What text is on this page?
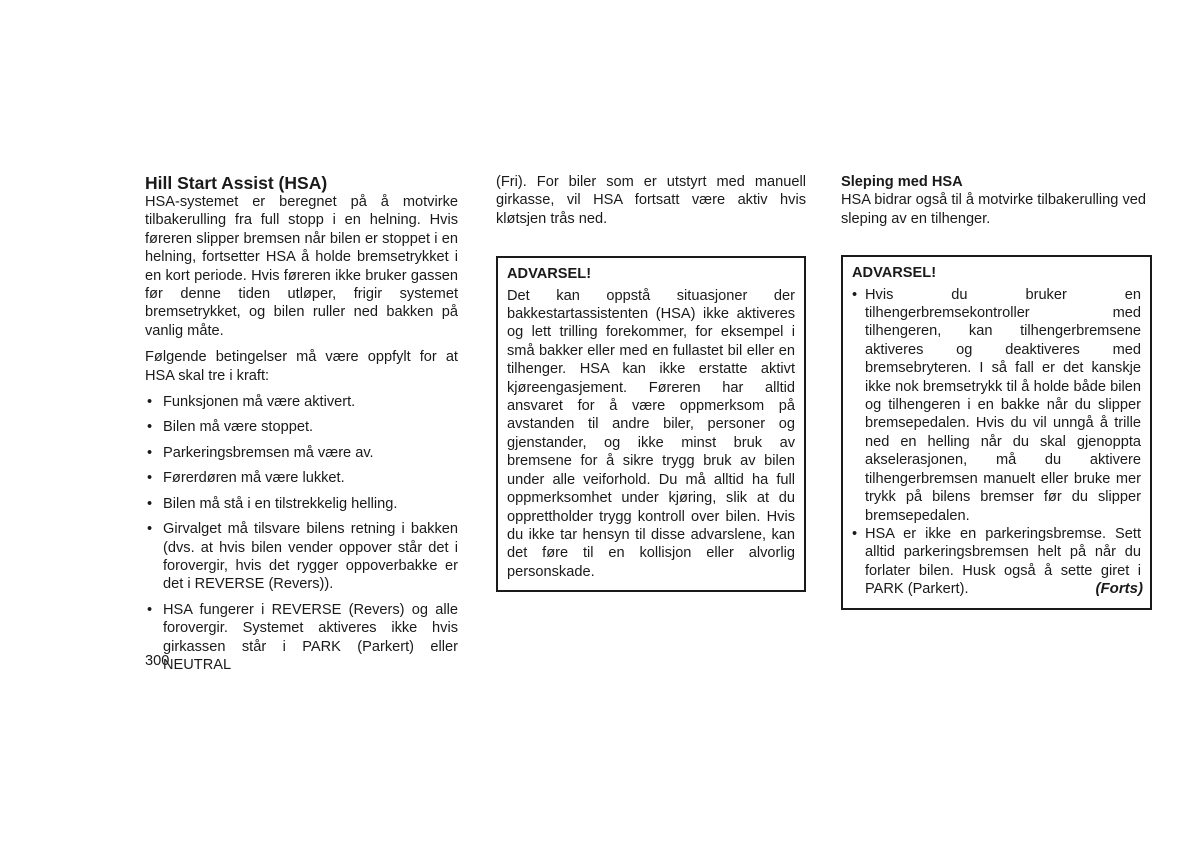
Hill Start Assist (HSA)

HSA-systemet er beregnet på å motvirke tilbakerulling fra full stopp i en helning. Hvis føreren slipper bremsen når bilen er stoppet i en helning, fortsetter HSA å holde bremsetrykket i en kort periode. Hvis føreren ikke bruker gassen før denne tiden utløper, frigir systemet bremsetrykket, og bilen ruller ned bakken på vanlig måte.

Følgende betingelser må være oppfylt for at HSA skal tre i kraft:

• Funksjonen må være aktivert.
• Bilen må være stoppet.
• Parkeringsbremsen må være av.
• Førerdøren må være lukket.
• Bilen må stå i en tilstrekkelig helling.
• Girvalget må tilsvare bilens retning i bakken (dvs. at hvis bilen vender oppover står det i forovergir, hvis det rygger oppoverbakke er det i REVERSE (Revers)).
• HSA fungerer i REVERSE (Revers) og alle forovergir. Systemet aktiveres ikke hvis girkassen står i PARK (Parkert) eller NEUTRAL

(Fri). For biler som er utstyrt med manuell girkasse, vil HSA fortsatt være aktiv hvis kløtsjen trås ned.

ADVARSEL!

Det kan oppstå situasjoner der bakkestartassistenten (HSA) ikke aktiveres og lett trilling forekommer, for eksempel i små bakker eller med en fullastet bil eller en tilhenger. HSA kan ikke erstatte aktivt kjøreengasjement. Føreren har alltid ansvaret for å være oppmerksom på avstanden til andre biler, personer og gjenstander, og ikke minst bruk av bremsene for å sikre trygg bruk av bilen under alle veiforhold. Du må alltid ha full oppmerksomhet under kjøring, slik at du opprettholder trygg kontroll over bilen. Hvis du ikke tar hensyn til disse advarslene, kan det føre til en kollisjon eller alvorlig personskade.

Sleping med HSA

HSA bidrar også til å motvirke tilbakerulling ved sleping av en tilhenger.

ADVARSEL!
• Hvis du bruker en tilhengerbremsekontroller med tilhengeren, kan tilhengerbremsene aktiveres og deaktiveres med bremsebryteren. I så fall er det kanskje ikke nok bremsetrykk til å holde både bilen og tilhengeren i en bakke når du slipper bremsepedalen. Hvis du vil unngå å trille ned en helling når du skal gjenoppta akselerasjonen, må du aktivere tilhengerbremsen manuelt eller bruke mer trykk på bilens bremser før du slipper bremsepedalen.
• HSA er ikke en parkeringsbremse. Sett alltid parkeringsbremsen helt på når du forlater bilen. Husk også å sette giret i PARK (Parkert).	(Forts)
300
